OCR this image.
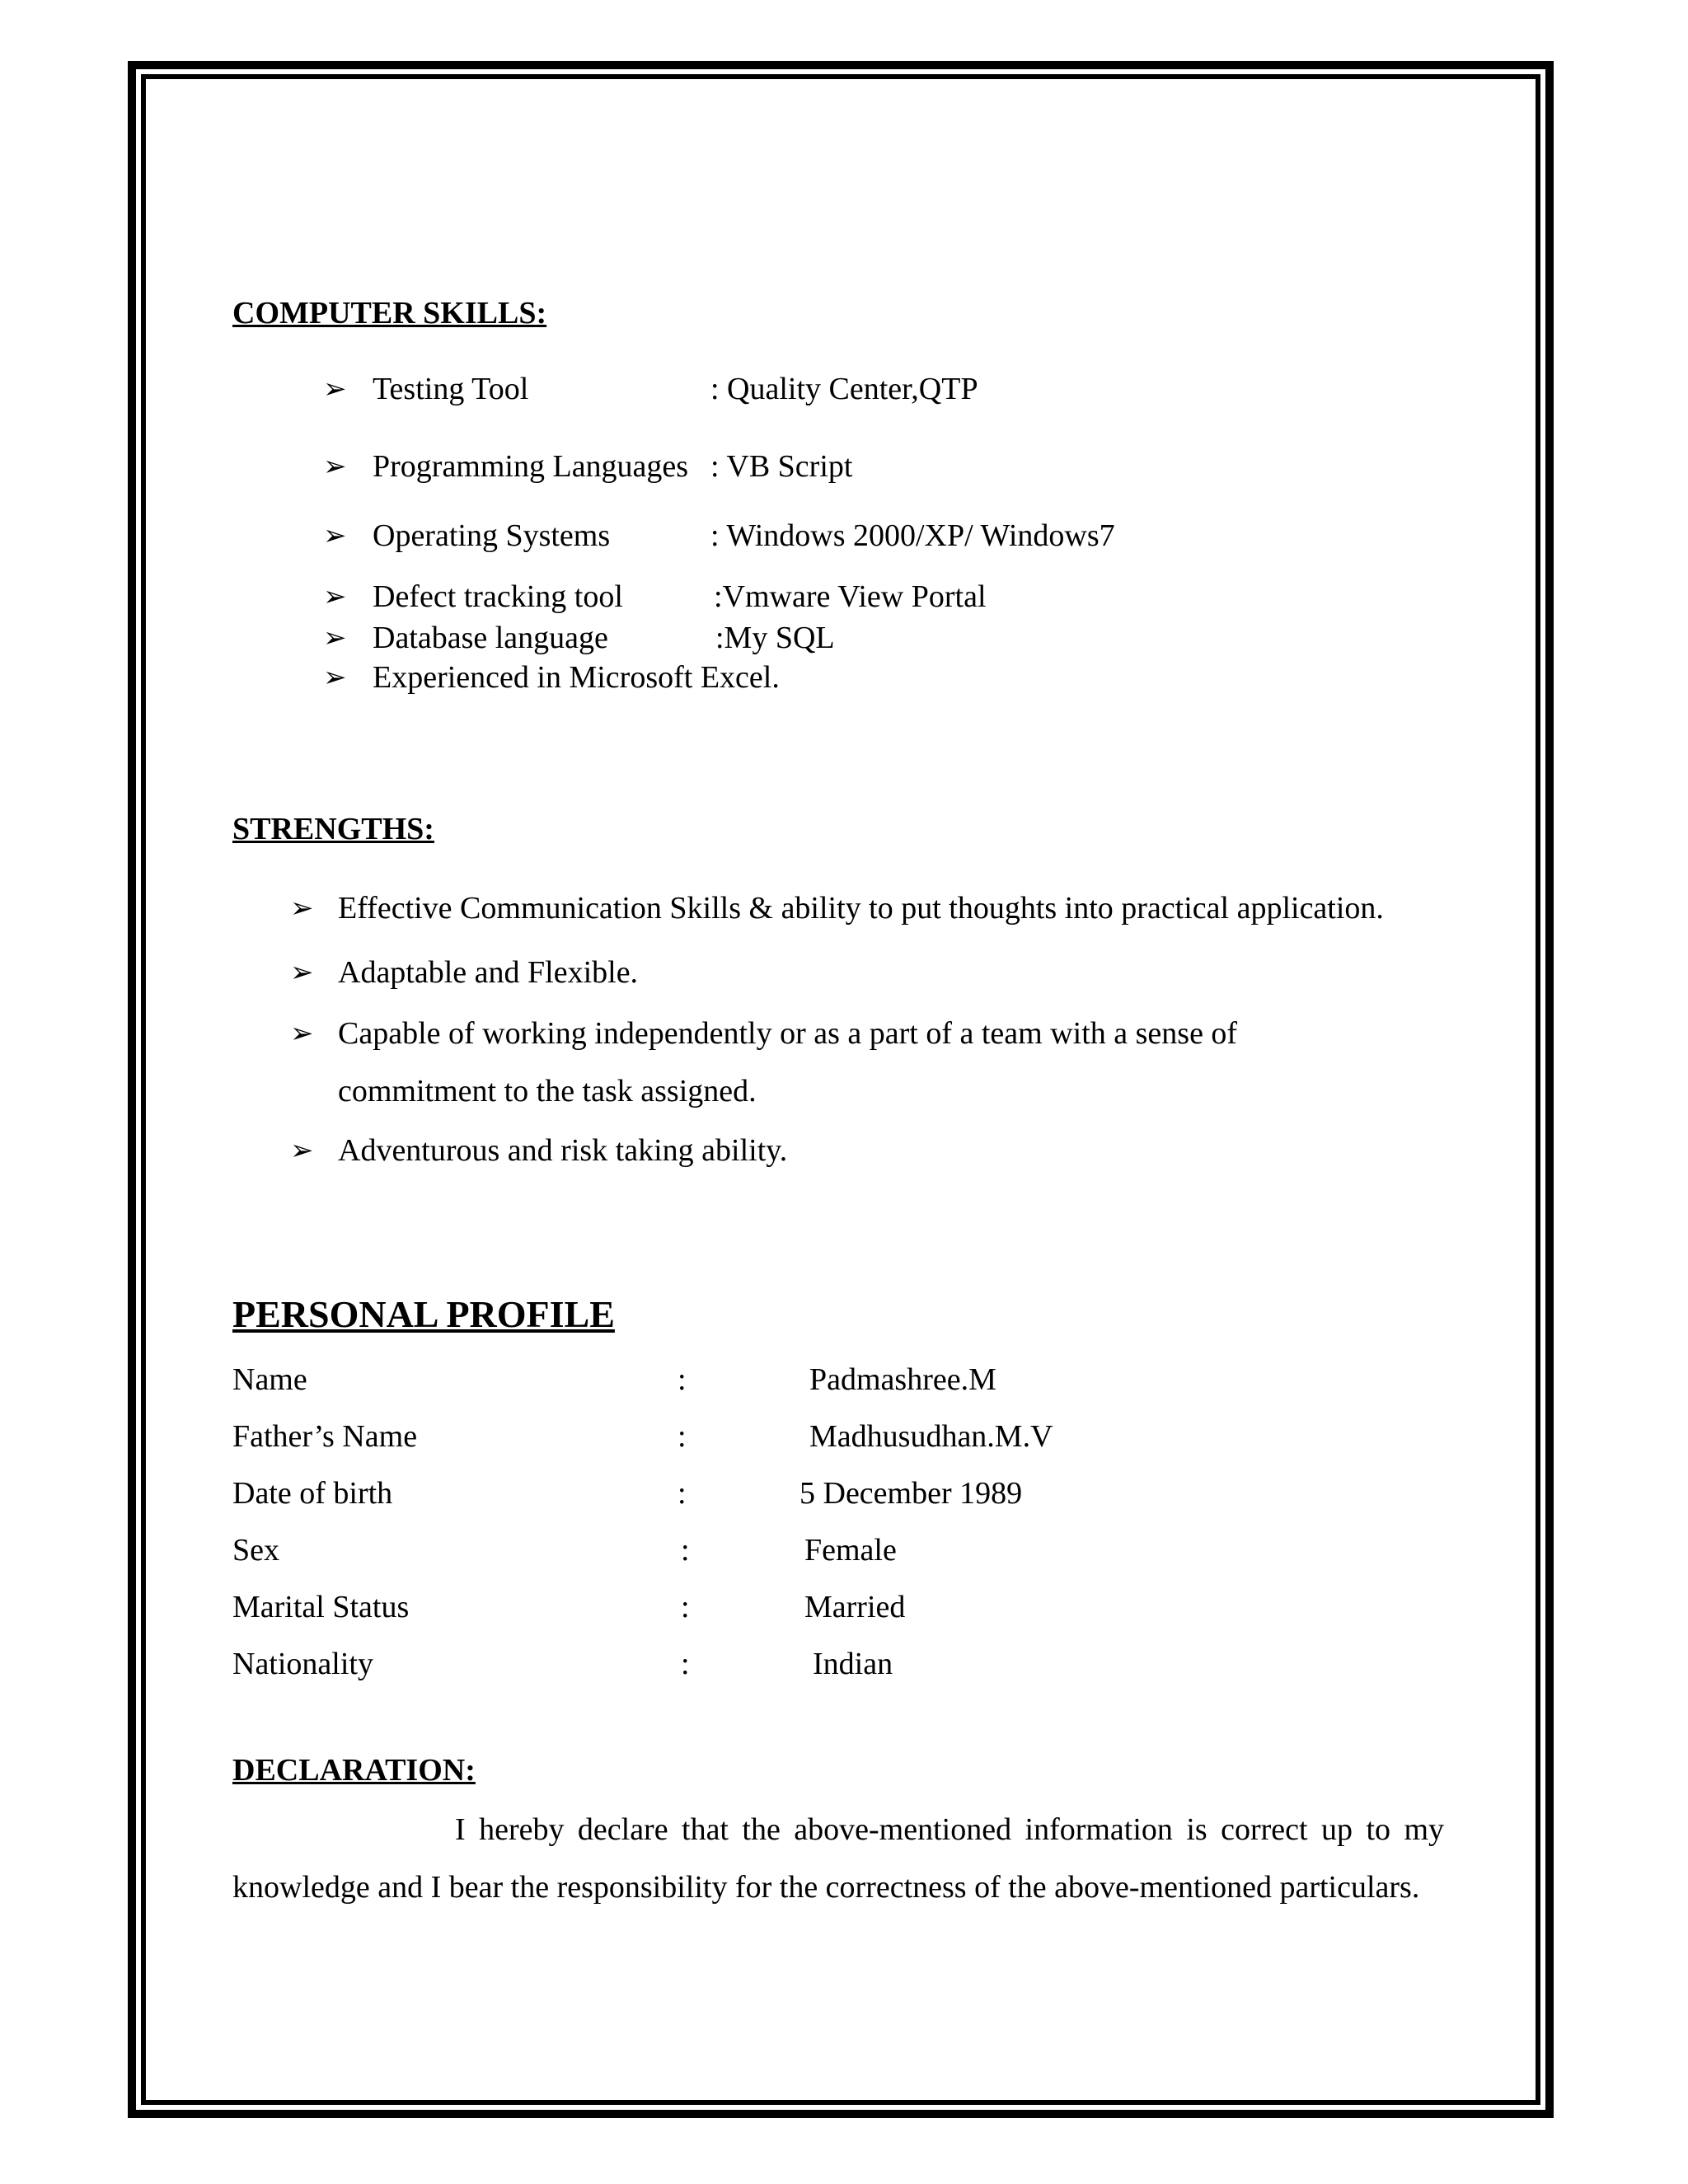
COMPUTER SKILLS:
➢ Testing Tool	: Quality Center,QTP
➢ Programming Languages : VB Script
➢ Operating Systems	: Windows 2000/XP/ Windows7
➢ Defect tracking tool	:Vmware View Portal
➢ Database language	:My SQL
➢ Experienced in Microsoft Excel.
STRENGTHS:
➢ Effective Communication Skills & ability to put thoughts into practical application.
➢ Adaptable and Flexible.
➢ Capable of working independently or as a part of a team with a sense of
commitment to the task assigned.
➢ Adventurous and risk taking ability.
PERSONAL PROFILE
Name	:	Padmashree.M
Father’s Name	:	Madhusudhan.M.V
Date of birth	:	5 December 1989
Sex	:	Female
Marital Status	:	Married
Nationality	:	Indian
DECLARATION:
I hereby declare that the above-mentioned information is correct up to my knowledge and I bear the responsibility for the correctness of the above-mentioned particulars.
